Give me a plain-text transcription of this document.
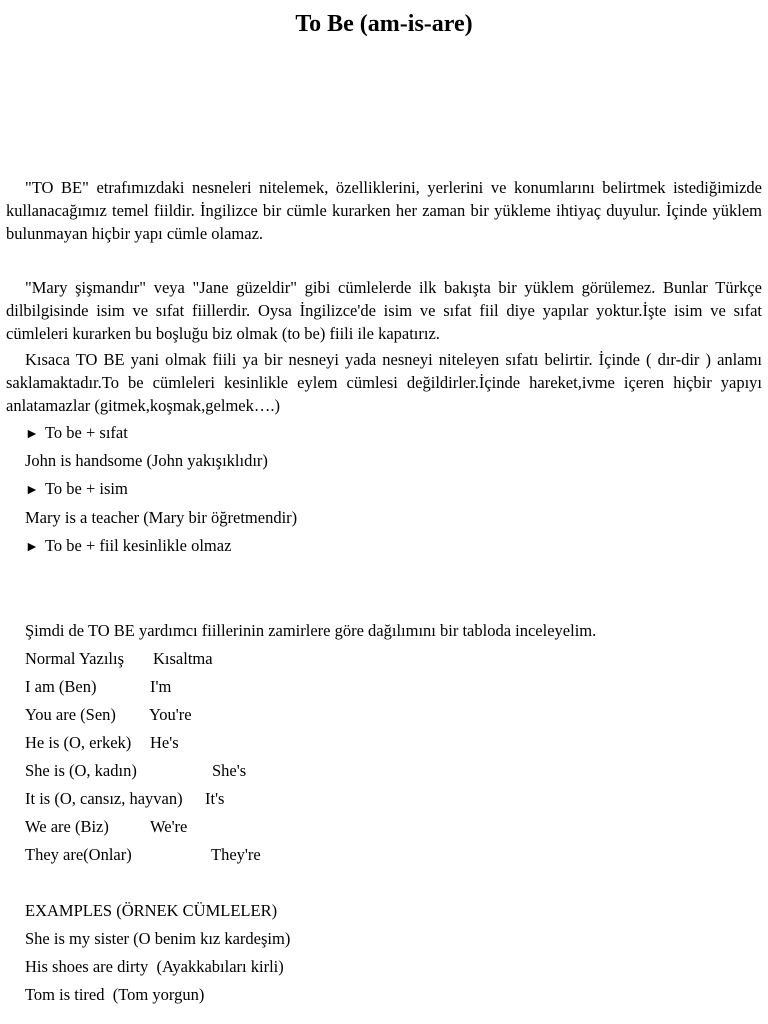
To Be (am-is-are)

"TO BE" etrafımızdaki nesneleri nitelemek, özelliklerini, yerlerini ve konumlarını belirtmek istediğimizde kullanacağımız temel fiildir. İngilizce bir cümle kurarken her zaman bir yükleme ihtiyaç duyulur. İçinde yüklem bulunmayan hiçbir yapı cümle olamaz.

"Mary şişmandır" veya "Jane güzeldir" gibi cümlelerde ilk bakışta bir yüklem görülemez. Bunlar Türkçe dilbilgisinde isim ve sıfat fiillerdir. Oysa İngilizce'de isim ve sıfat fiil diye yapılar yoktur.İşte isim ve sıfat cümleleri kurarken bu boşluğu biz olmak (to be) fiili ile kapatırız.

Kısaca TO BE yani olmak fiili ya bir nesneyi yada nesneyi niteleyen sıfatı belirtir. İçinde ( dır-dir ) anlamı saklamaktadır.To be cümleleri kesinlikle eylem cümlesi değildirler.İçinde hareket,ivme içeren hiçbir yapıyı anlatamazlar (gitmek,koşmak,gelmek….)

► To be + sıfat
John is handsome (John yakışıklıdır)
► To be + isim
Mary is a teacher (Mary bir öğretmendir)
► To be + fiil kesinlikle olmaz
Şimdi de TO BE yardımcı fiillerinin zamirlere göre dağılımını bir tabloda inceleyelim.
Normal Yazılış Kısaltma
I am (Ben)	I'm
You are (Sen) You're
He is (O, erkek) He's
She is (O, kadın)	She's
It is (O, cansız, hayvan) It's
We are (Biz) We're
They are(Onlar)	They're
EXAMPLES (ÖRNEK CÜMLELER)
She is my sister (O benim kız kardeşim)
His shoes are dirty  (Ayakkabıları kirli)
Tom is tired  (Tom yorgun)
